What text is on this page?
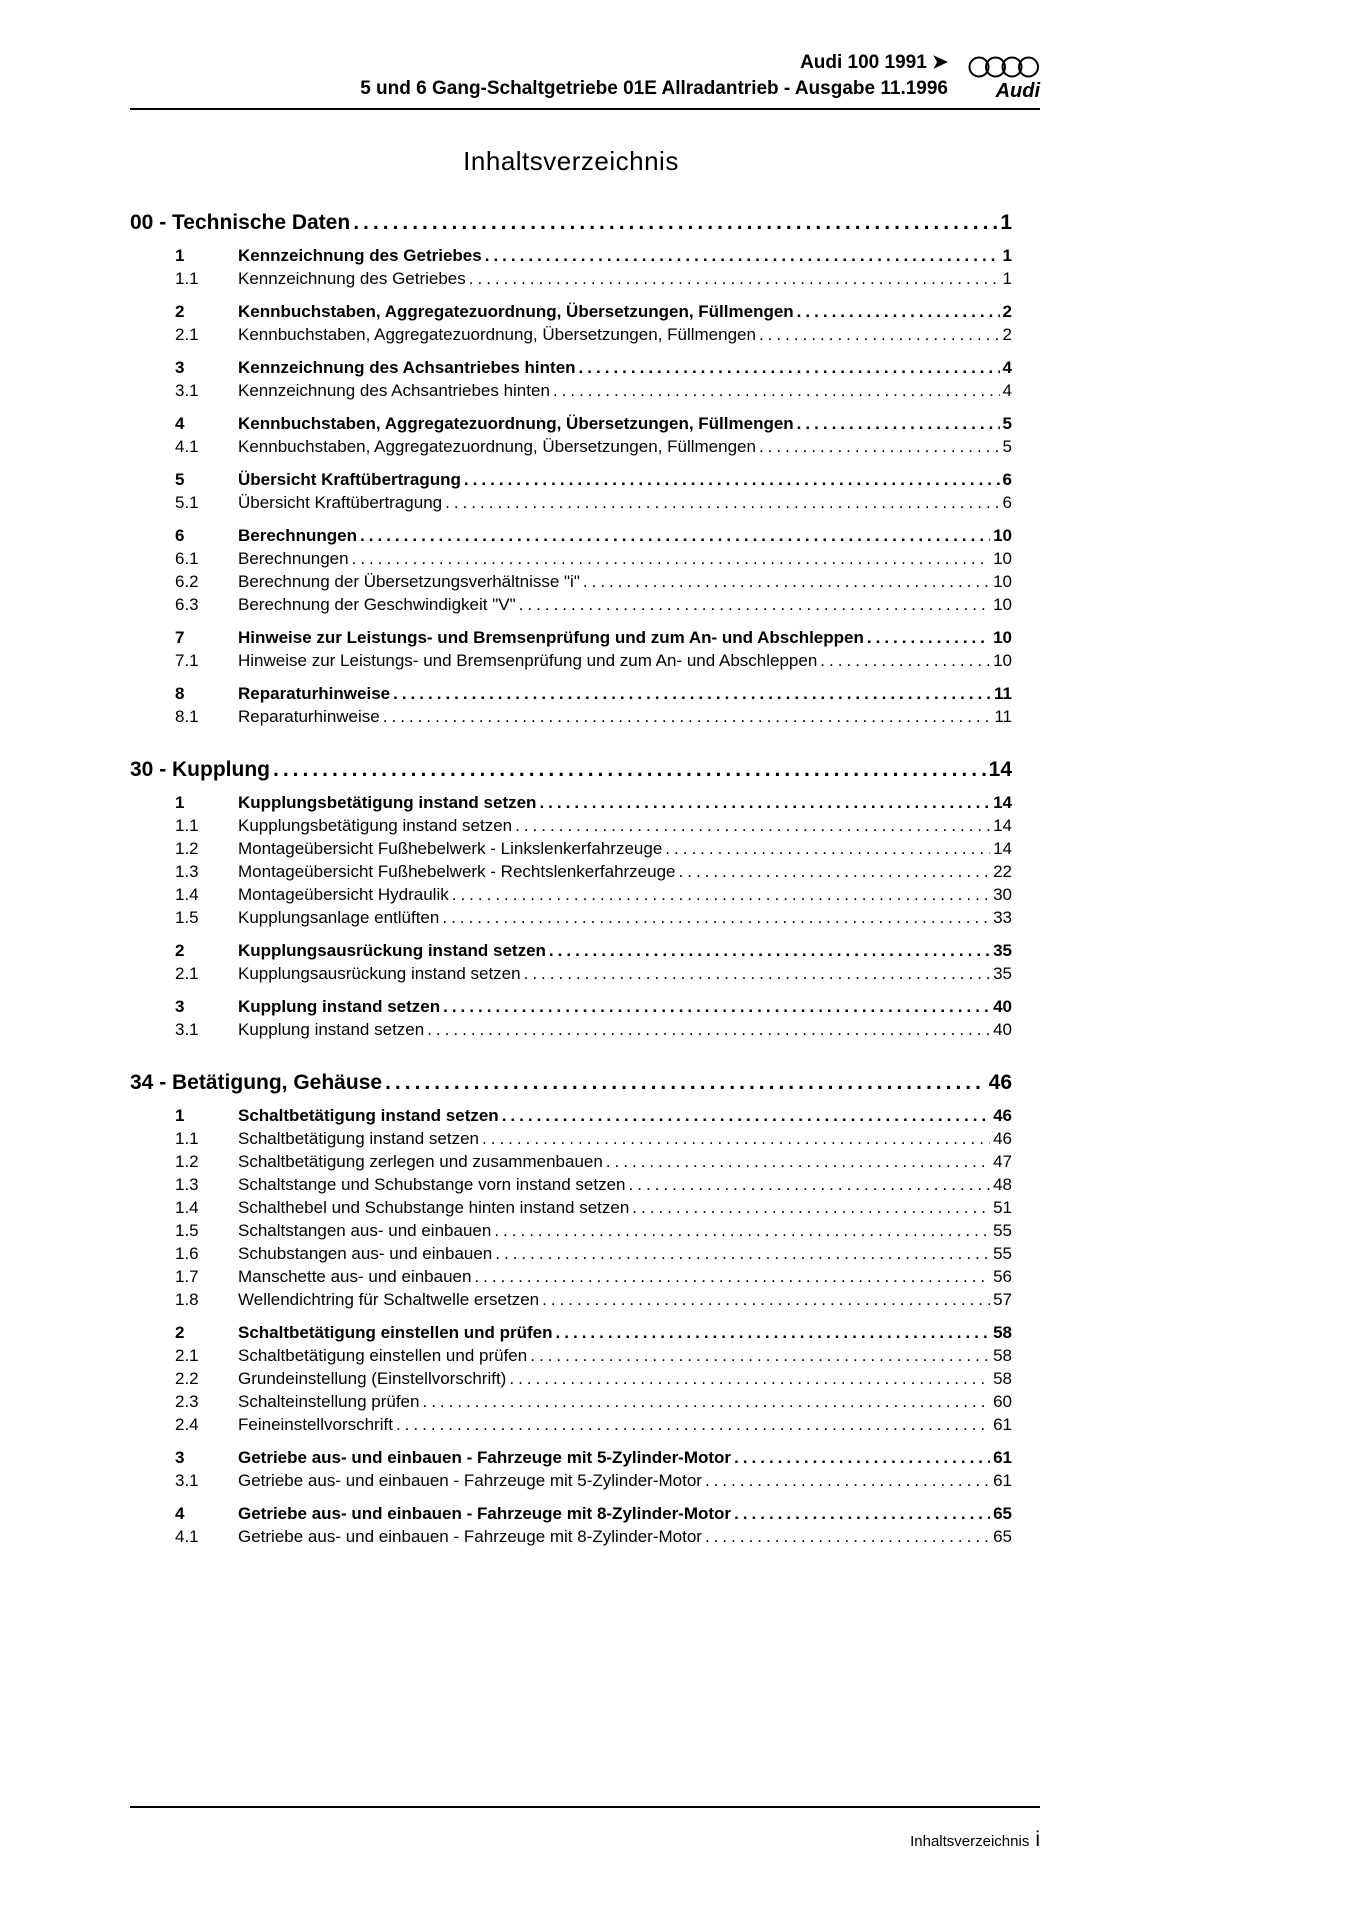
Audi 100 1991 ➤
5 und 6 Gang-Schaltgetriebe 01E Allradantrieb - Ausgabe 11.1996 Audi
Inhaltsverzeichnis
00 - Technische Daten .....	1
1	Kennzeichnung des Getriebes .....	1
1.1	Kennzeichnung des Getriebes .....	1
2	Kennbuchstaben, Aggregatezuordnung, Übersetzungen, Füllmengen .....	2
2.1	Kennbuchstaben, Aggregatezuordnung, Übersetzungen, Füllmengen .....	2
3	Kennzeichnung des Achsantriebes hinten .....	4
3.1	Kennzeichnung des Achsantriebes hinten .....	4
4	Kennbuchstaben, Aggregatezuordnung, Übersetzungen, Füllmengen .....	5
4.1	Kennbuchstaben, Aggregatezuordnung, Übersetzungen, Füllmengen .....	5
5	Übersicht Kraftübertragung .....	6
5.1	Übersicht Kraftübertragung .....	6
6	Berechnungen .....	10
6.1	Berechnungen .....	10
6.2	Berechnung der Übersetzungsverhältnisse "i" .....	10
6.3	Berechnung der Geschwindigkeit "V" .....	10
7	Hinweise zur Leistungs- und Bremsenprüfung und zum An- und Abschleppen .....	10
7.1	Hinweise zur Leistungs- und Bremsenprüfung und zum An- und Abschleppen .....	10
8	Reparaturhinweise .....	11
8.1	Reparaturhinweise .....	11
30 - Kupplung .....	14
1	Kupplungsbetätigung instand setzen .....	14
1.1	Kupplungsbetätigung instand setzen .....	14
1.2	Montageübersicht Fußhebelwerk - Linkslenkerfahrzeuge .....	14
1.3	Montageübersicht Fußhebelwerk - Rechtslenkerfahrzeuge .....	22
1.4	Montageübersicht Hydraulik .....	30
1.5	Kupplungsanlage entlüften .....	33
2	Kupplungsausrückung instand setzen .....	35
2.1	Kupplungsausrückung instand setzen .....	35
3	Kupplung instand setzen .....	40
3.1	Kupplung instand setzen .....	40
34 - Betätigung, Gehäuse .....	46
1	Schaltbetätigung instand setzen .....	46
1.1	Schaltbetätigung instand setzen .....	46
1.2	Schaltbetätigung zerlegen und zusammenbauen .....	47
1.3	Schaltstange und Schubstange vorn instand setzen .....	48
1.4	Schalthebel und Schubstange hinten instand setzen .....	51
1.5	Schaltstangen aus- und einbauen .....	55
1.6	Schubstangen aus- und einbauen .....	55
1.7	Manschette aus- und einbauen .....	56
1.8	Wellendichtring für Schaltwelle ersetzen .....	57
2	Schaltbetätigung einstellen und prüfen .....	58
2.1	Schaltbetätigung einstellen und prüfen .....	58
2.2	Grundeinstellung (Einstellvorschrift) .....	58
2.3	Schalteinstellung prüfen .....	60
2.4	Feineinstellvorschrift .....	61
3	Getriebe aus- und einbauen - Fahrzeuge mit 5-Zylinder-Motor .....	61
3.1	Getriebe aus- und einbauen - Fahrzeuge mit 5-Zylinder-Motor .....	61
4	Getriebe aus- und einbauen - Fahrzeuge mit 8-Zylinder-Motor .....	65
4.1	Getriebe aus- und einbauen - Fahrzeuge mit 8-Zylinder-Motor .....	65
Inhaltsverzeichnis i
